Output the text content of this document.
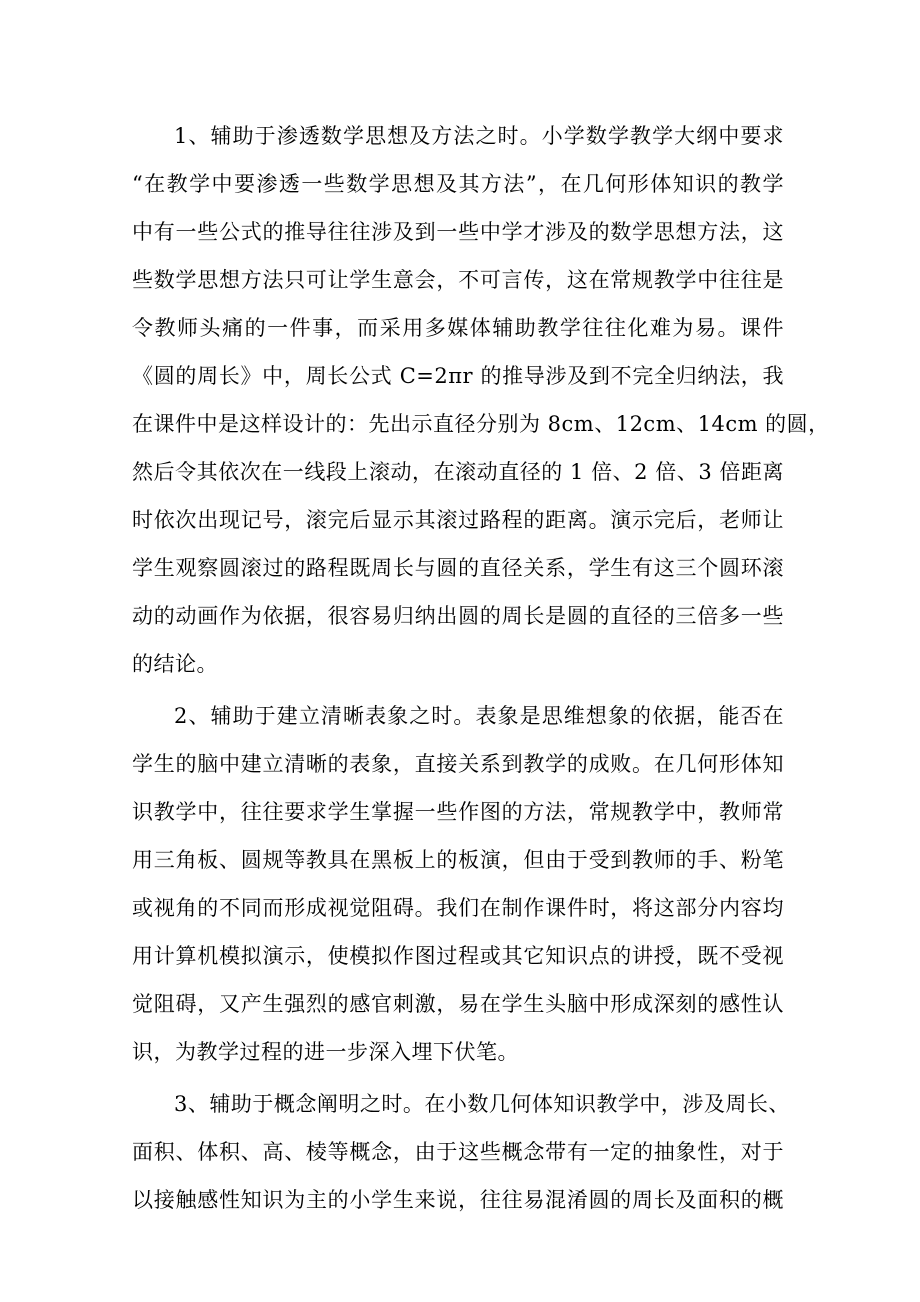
1、辅助于渗透数学思想及方法之时。小学数学教学大纲中要求
“在教学中要渗透一些数学思想及其方法”，在几何形体知识的教学
中有一些公式的推导往往涉及到一些中学才涉及的数学思想方法，这
些数学思想方法只可让学生意会，不可言传，这在常规教学中往往是
令教师头痛的一件事，而采用多媒体辅助教学往往化难为易。课件
《圆的周长》中，周长公式 C=2πr 的推导涉及到不完全归纳法，我
在课件中是这样设计的：先出示直径分别为 8cm、12cm、14cm 的圆，
然后令其依次在一线段上滚动，在滚动直径的 1 倍、2 倍、3 倍距离
时依次出现记号，滚完后显示其滚过路程的距离。演示完后，老师让
学生观察圆滚过的路程既周长与圆的直径关系，学生有这三个圆环滚
动的动画作为依据，很容易归纳出圆的周长是圆的直径的三倍多一些
的结论。
2、辅助于建立清晰表象之时。表象是思维想象的依据，能否在
学生的脑中建立清晰的表象，直接关系到教学的成败。在几何形体知
识教学中，往往要求学生掌握一些作图的方法，常规教学中，教师常
用三角板、圆规等教具在黑板上的板演，但由于受到教师的手、粉笔
或视角的不同而形成视觉阻碍。我们在制作课件时，将这部分内容均
用计算机模拟演示，使模拟作图过程或其它知识点的讲授，既不受视
觉阻碍，又产生强烈的感官刺激，易在学生头脑中形成深刻的感性认
识，为教学过程的进一步深入埋下伏笔。
3、辅助于概念阐明之时。在小数几何体知识教学中，涉及周长、
面积、体积、高、棱等概念，由于这些概念带有一定的抽象性，对于
以接触感性知识为主的小学生来说，往往易混淆圆的周长及面积的概
